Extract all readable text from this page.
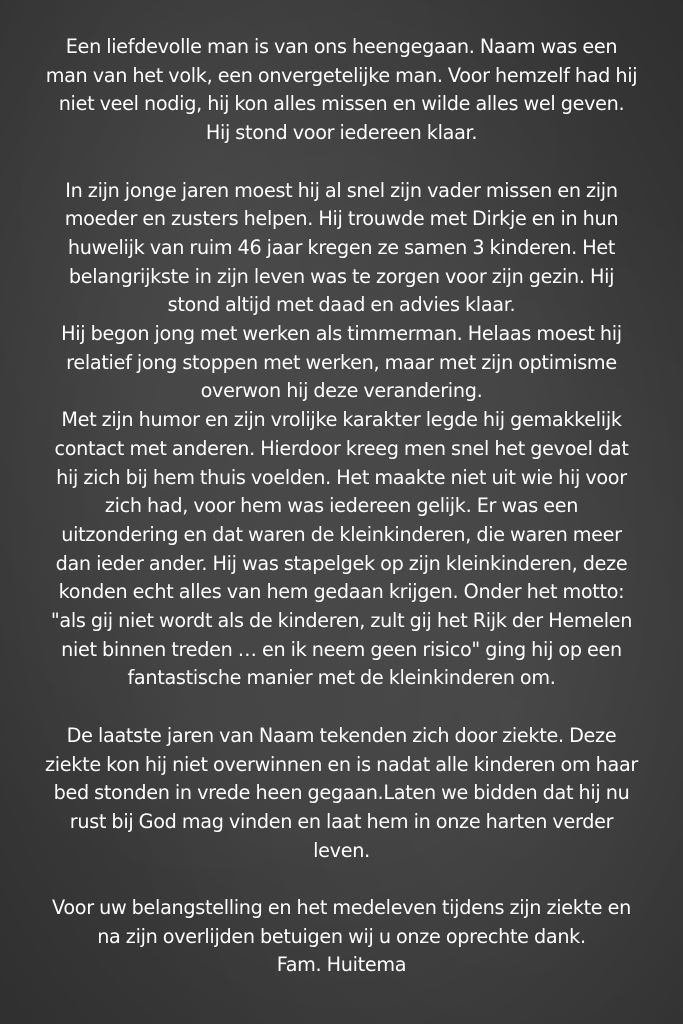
Een liefdevolle man is van ons heengegaan. Naam was een man van het volk, een onvergetelijke man. Voor hemzelf had hij niet veel nodig, hij kon alles missen en wilde alles wel geven. Hij stond voor iedereen klaar.

In zijn jonge jaren moest hij al snel zijn vader missen en zijn moeder en zusters helpen. Hij trouwde met Dirkje en in hun huwelijk van ruim 46 jaar kregen ze samen 3 kinderen. Het belangrijkste in zijn leven was te zorgen voor zijn gezin. Hij stond altijd met daad en advies klaar.

Hij begon jong met werken als timmerman. Helaas moest hij relatief jong stoppen met werken, maar met zijn optimisme overwon hij deze verandering.

Met zijn humor en zijn vrolijke karakter legde hij gemakkelijk contact met anderen. Hierdoor kreeg men snel het gevoel dat hij zich bij hem thuis voelden. Het maakte niet uit wie hij voor zich had, voor hem was iedereen gelijk. Er was een uitzondering en dat waren de kleinkinderen, die waren meer dan ieder ander. Hij was stapelgek op zijn kleinkinderen, deze konden echt alles van hem gedaan krijgen. Onder het motto: "als gij niet wordt als de kinderen, zult gij het Rijk der Hemelen niet binnen treden … en ik neem geen risico" ging hij op een fantastische manier met de kleinkinderen om.

De laatste jaren van Naam tekenden zich door ziekte. Deze ziekte kon hij niet overwinnen en is nadat alle kinderen om haar bed stonden in vrede heen gegaan.Laten we bidden dat hij nu rust bij God mag vinden en laat hem in onze harten verder leven.

Voor uw belangstelling en het medeleven tijdens zijn ziekte en na zijn overlijden betuigen wij u onze oprechte dank.

Fam. Huitema
